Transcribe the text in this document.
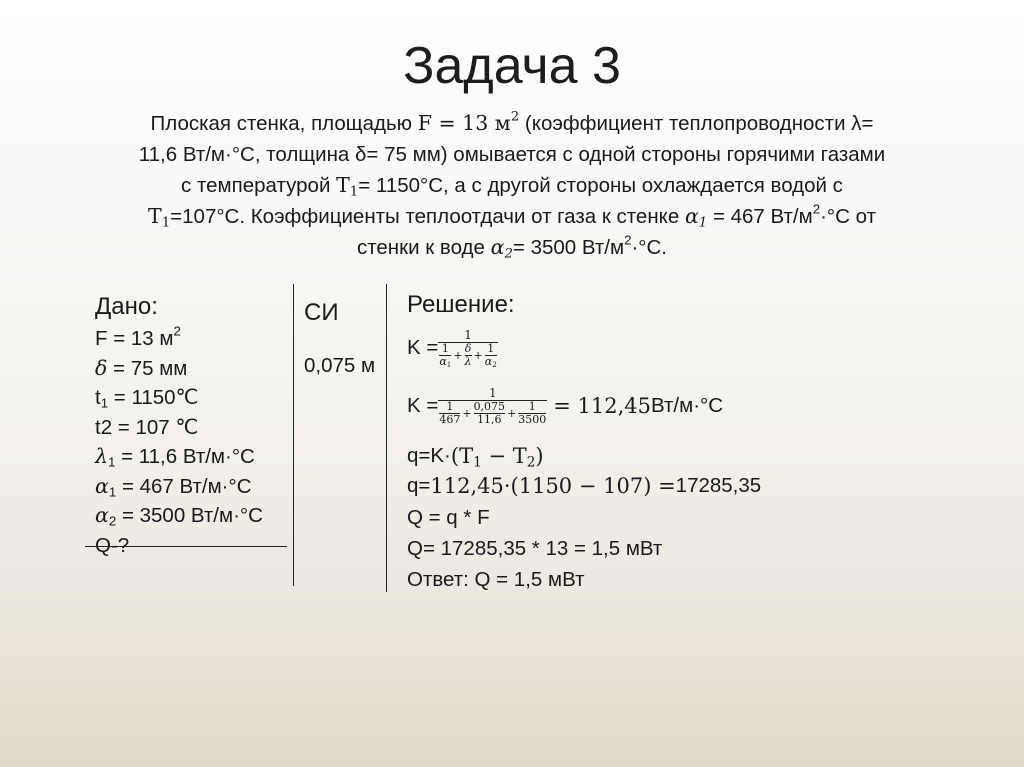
Задача 3
Плоская стенка, площадью F = 13 $м^2$ (коэффициент теплопроводности λ=
11,6 Вт/м·°C, толщина δ= 75 мм) омывается с одной стороны горячими газами
с температурой $T_1= 1150^\circ C$, а с другой стороны охлаждается водой с
$T_1=107^\circ C$. Коэффициенты теплоотдачи от газа к стенке $\alpha_1 = 467$ $Вт/м^2\cdot^\circ C$ от
стенки к воде $\alpha_2= 3500$ $Вт/м^2\cdot^\circ C$.
Дано:
F = 13 $м^2$
δ = 75 мм
$t_1$ = 1150℃
t2 = 107 ℃
$\lambda_1 = 11,6$ Вт/м·°C
$\alpha_1 = 467$ Вт/м·°C
$\alpha_2 = 3500$ Вт/м·°C
Q-?
СИ
0,075 м
Решение:
K = 1
1
$\alpha_1$
+ δ
λ + 1
$\alpha_2$
K =
1
1
467 + 0,075
11,6 + 1
3500
= 112,45 Вт/м·°C
$q=K\cdot (T_1 - T_2)$
q= 112,45·(1150 − 107) = 17285,35
Q = q * F
Q= 17285,35 * 13 = 1,5 мВт
Ответ: Q = 1,5 мВт
